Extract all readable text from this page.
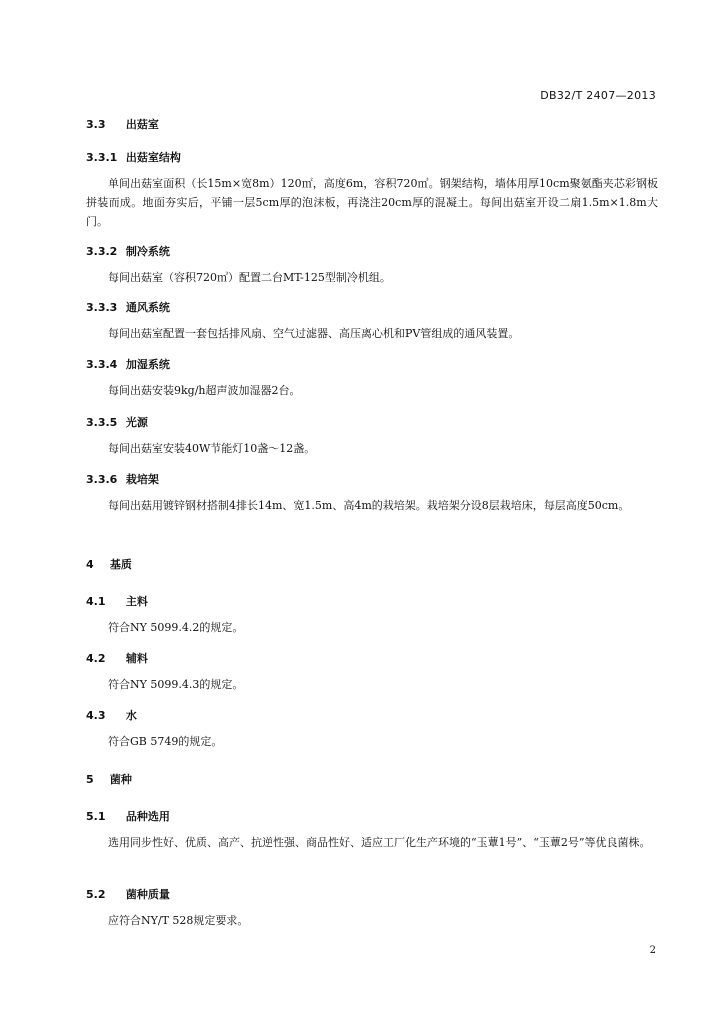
DB32/T 2407—2013

3.3 出菇室

3.3.1 出菇室结构

单间出菇室面积（长15m×宽8m）120㎡，高度6m，容积720㎥。钢架结构，墙体用厚10cm聚氨酯夹芯彩钢板拼装而成。地面夯实后，平铺一层5cm厚的泡沫板，再浇注20cm厚的混凝土。每间出菇室开设二扇1.5m×1.8m大门。

3.3.2 制冷系统

每间出菇室（容积720㎥）配置二台MT-125型制冷机组。

3.3.3 通风系统

每间出菇室配置一套包括排风扇、空气过滤器、高压离心机和PV管组成的通风装置。

3.3.4 加湿系统

每间出菇安装9kg/h超声波加湿器2台。

3.3.5 光源

每间出菇室安装40W节能灯10盏～12盏。

3.3.6 栽培架

每间出菇用镀锌钢材搭制4排长14m、宽1.5m、高4m的栽培架。栽培架分设8层栽培床，每层高度50cm。

4 基质

4.1 主料

符合NY 5099.4.2的规定。

4.2 辅料

符合NY 5099.4.3的规定。

4.3 水

符合GB 5749的规定。

5 菌种

5.1 品种选用

选用同步性好、优质、高产、抗逆性强、商品性好、适应工厂化生产环境的“玉蕈1号”、“玉蕈2号”等优良菌株。

5.2 菌种质量

应符合NY/T 528规定要求。

2
